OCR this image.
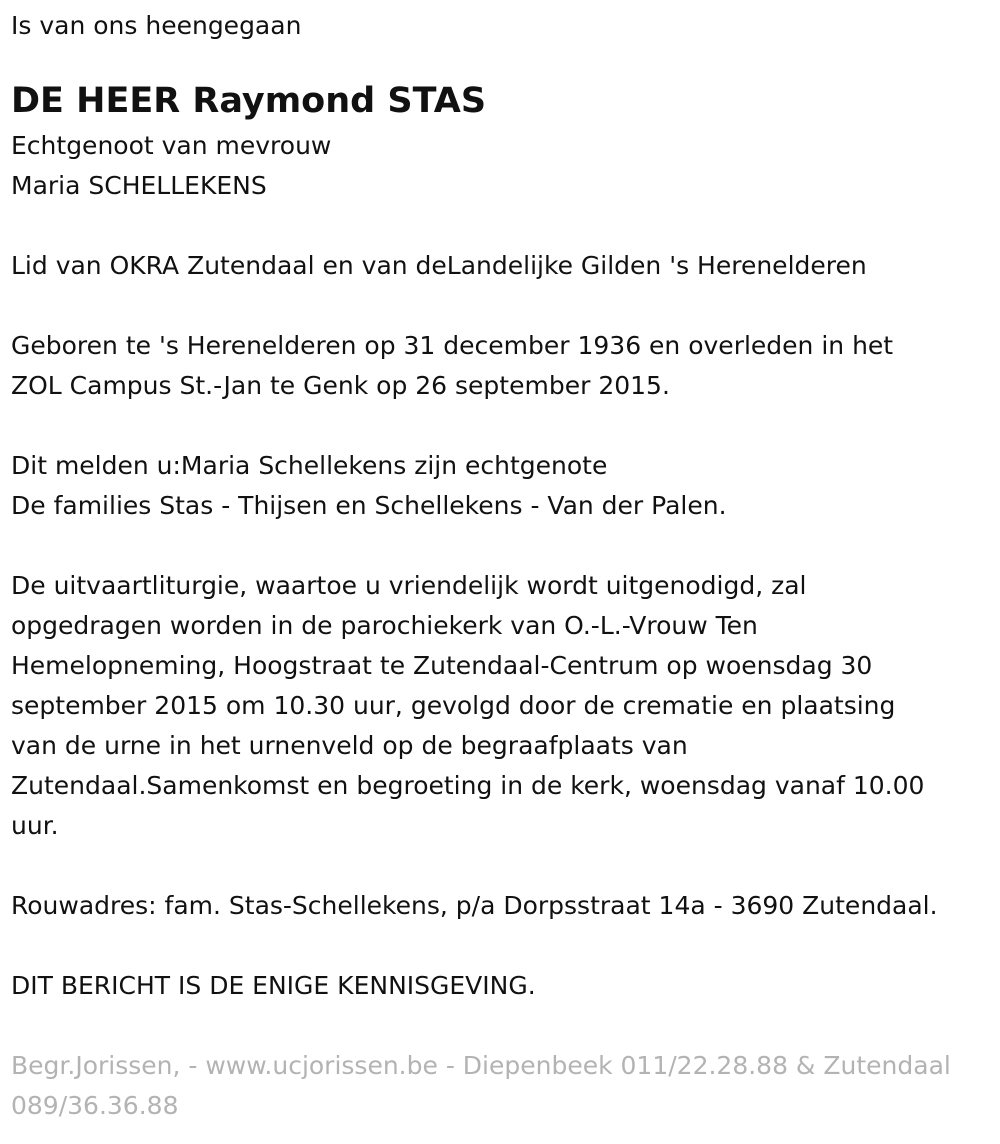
Is van ons heengegaan

DE HEER Raymond STAS

Echtgenoot van mevrouw

Maria SCHELLEKENS

Lid van OKRA Zutendaal en van deLandelijke Gilden 's Herenelderen

Geboren te 's Herenelderen op 31 december 1936 en overleden in het

ZOL Campus St.-Jan te Genk op 26 september 2015.

Dit melden u:Maria Schellekens zijn echtgenote

De families Stas - Thijsen en Schellekens - Van der Palen.

De uitvaartliturgie, waartoe u vriendelijk wordt uitgenodigd, zal

opgedragen worden in de parochiekerk van O.-L.-Vrouw Ten

Hemelopneming, Hoogstraat te Zutendaal-Centrum op woensdag 30

september 2015 om 10.30 uur, gevolgd door de crematie en plaatsing

van de urne in het urnenveld op de begraafplaats van

Zutendaal.Samenkomst en begroeting in de kerk, woensdag vanaf 10.00

uur.

Rouwadres: fam. Stas-Schellekens, p/a Dorpsstraat 14a - 3690 Zutendaal.

DIT BERICHT IS DE ENIGE KENNISGEVING.

Begr.Jorissen, - www.ucjorissen.be - Diepenbeek 011/22.28.88 & Zutendaal

089/36.36.88
